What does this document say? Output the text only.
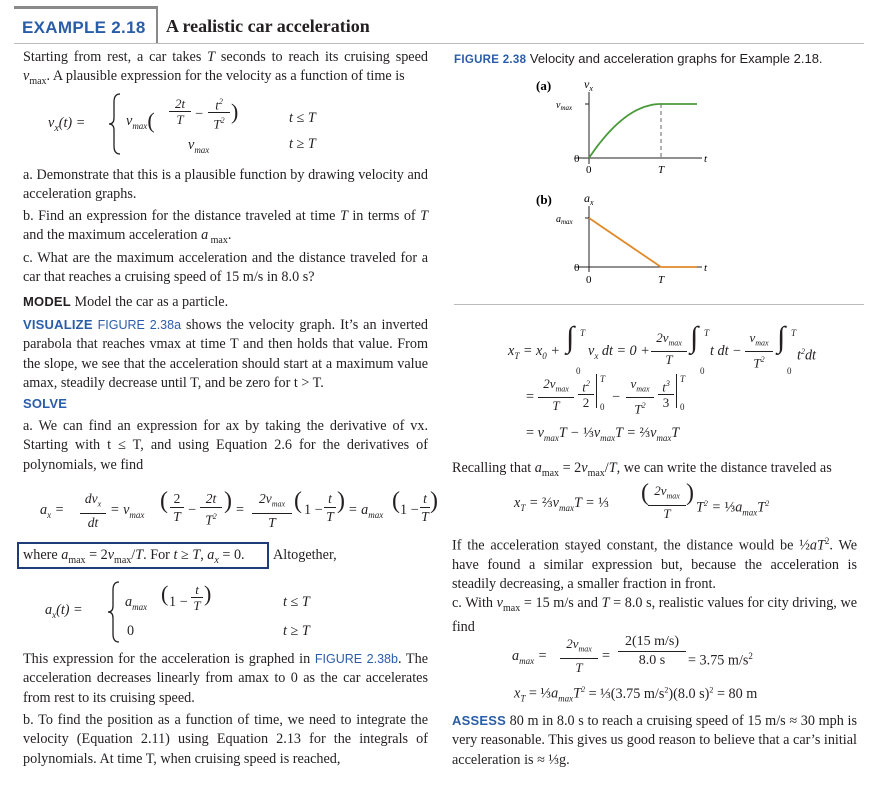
EXAMPLE 2.18 A realistic car acceleration

Starting from rest, a car takes T seconds to reach its cruising speed $v_{max}$. A plausible expression for the velocity as a function of time is

$v_x(t)$ =	$v_{max}$(
2t
T −
$t^2$
$T^2$ )	t ≤ T
$v_{max}$	t ≥ T

a. Demonstrate that this is a plausible function by drawing velocity and acceleration graphs.

b. Find an expression for the distance traveled at time T in terms of T and the maximum acceleration a $_{max}$.

c. What are the maximum acceleration and the distance traveled for a car that reaches a cruising speed of 15 m/s in 8.0 s?

MODEL Model the car as a particle.

VISUALIZE FIGURE 2.38a shows the velocity graph. It’s an inverted parabola that reaches vmax at time T and then holds that value. From the slope, we see that the acceleration should start at a maximum value amax, steadily decrease until T, and be zero for t > T.

SOLVE

a. We can find an expression for ax by taking the derivative of vx. Starting with t ≤ T, and using Equation 2.6 for the derivatives of polynomials, we find

$a_x$ =
$dv_x$
dt
= $v_{max}$
( 2
T −
2t
$T^2$
) =
$2v_{max}$
T
( 1 −
t
T
) = $a_{max}$
( 1 −
t
T
)

where $a_{max} = 2v_{max}/T$. For t ≥ T, $a_x = 0$. Altogether,

$a_x(t)$ =	$a_{max}$
( 1 −
t
T )	t ≤ T
0	t ≥ T

This expression for the acceleration is graphed in FIGURE 2.38b. The acceleration decreases linearly from amax to 0 as the car accelerates from rest to its cruising speed.

b. To find the position as a function of time, we need to integrate the velocity (Equation 2.11) using Equation 2.13 for the integrals of polynomials. At time T, when cruising speed is reached,

FIGURE 2.38 Velocity and acceleration graphs for Example 2.18.
(a)	$v_x$
$v_{max}$
0
0	T
t
(b)	$a_x$
$a_{max}$
0
0	T
t
$x_T = x_0$ + ∫ T
0
$v_x$ dt = 0 +
$2v_{max}$
T
∫ T
0
t dt −
$v_{max}$
$T^2$
∫ T
0
$t^2dt$
=
$2v_{max}$
T
$t^2$
2
T
0
−
$v_{max}$
$T^2$
$t^3$
3
T
0
= $v_{max}T$ − $\frac{1}{3}v_{max}T$ = $\frac{2}{3}v_{max}T$

Recalling that $a_{max} = 2v_{max}/T$, we can write the distance traveled as

$x_T$ = $\frac{2}{3}v_{max}T$ = ⅓ ( $2v_{max}$
T
)
$T^2$ = $\frac{1}{3}a_{max}T^2$

If the acceleration stayed constant, the distance would be $\frac{1}{2}aT^2$. We have found a similar expression but, because the acceleration is steadily decreasing, a smaller fraction in front.

c. With $v_{max} = 15$ m/s and T = 8.0 s, realistic values for city driving, we find

$a_{max}$ =
$2v_{max}$
T
=
2(15 m/s)
8.0 s	= 3.75 $m/s^2$
$x_T$ = $\frac{1}{3}a_{max}T^2$ = ⅓(3.75 $m/s^2)(8.0$ s)$^2$ = 80 m

ASSESS 80 m in 8.0 s to reach a cruising speed of 15 m/s ≈ 30 mph is very reasonable. This gives us good reason to believe that a car’s initial acceleration is ≈ ⅓g.
